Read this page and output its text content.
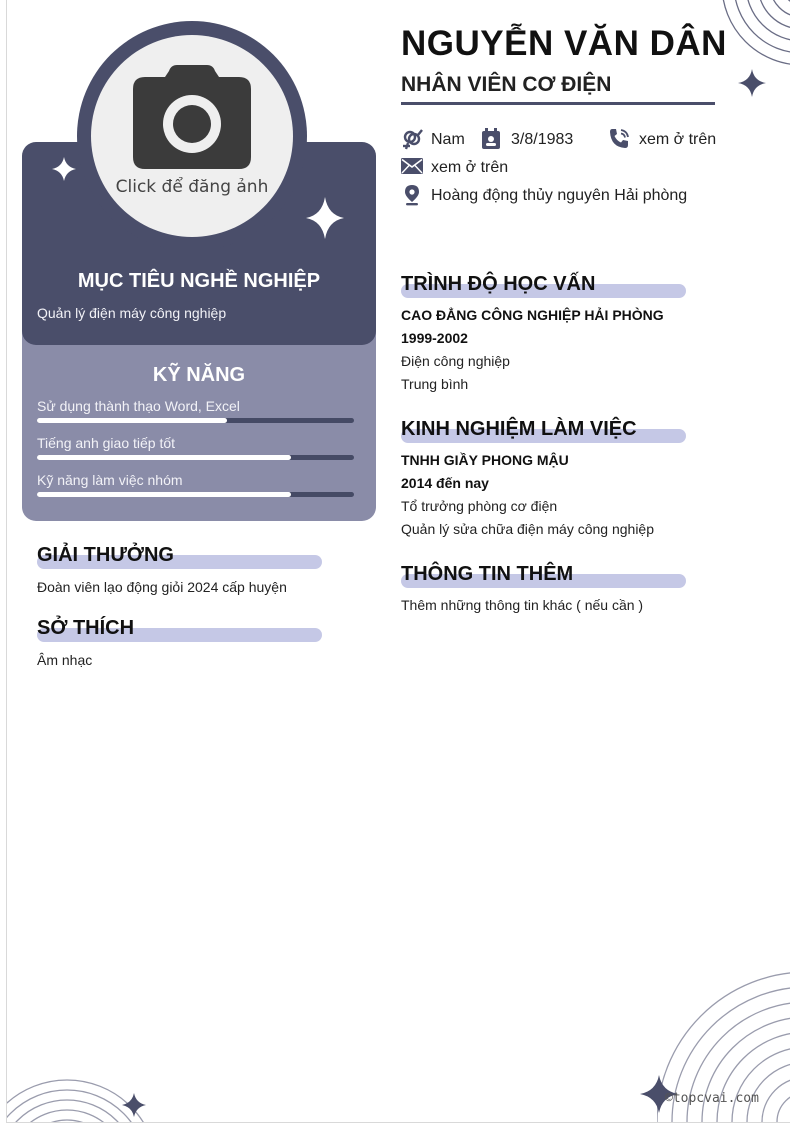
Click để đăng ảnh
MỤC TIÊU NGHỀ NGHIỆP
Quản lý điện máy công nghiệp
KỸ NĂNG
Sử dụng thành thạo Word, Excel
Tiếng anh giao tiếp tốt
Kỹ năng làm việc nhóm
GIẢI THƯỞNG
Đoàn viên lạo động giỏi 2024 cấp huyện
SỞ THÍCH
Âm nhạc
NGUYỄN VĂN DÂN
NHÂN VIÊN CƠ ĐIỆN
Nam	3/8/1983	xem ở trên
xem ở trên
Hoàng động thủy nguyên Hải phòng
TRÌNH ĐỘ HỌC VẤN
CAO ĐẲNG CÔNG NGHIỆP HẢI PHÒNG
1999-2002
Điện công nghiệp
Trung bình
KINH NGHIỆM LÀM VIỆC
TNHH GIẦY PHONG MẬU
2014 đến nay
Tổ trưởng phòng cơ điện
Quản lý sửa chữa điện máy công nghiệp
THÔNG TIN THÊM
Thêm những thông tin khác ( nếu cần )
©topcvai.com
